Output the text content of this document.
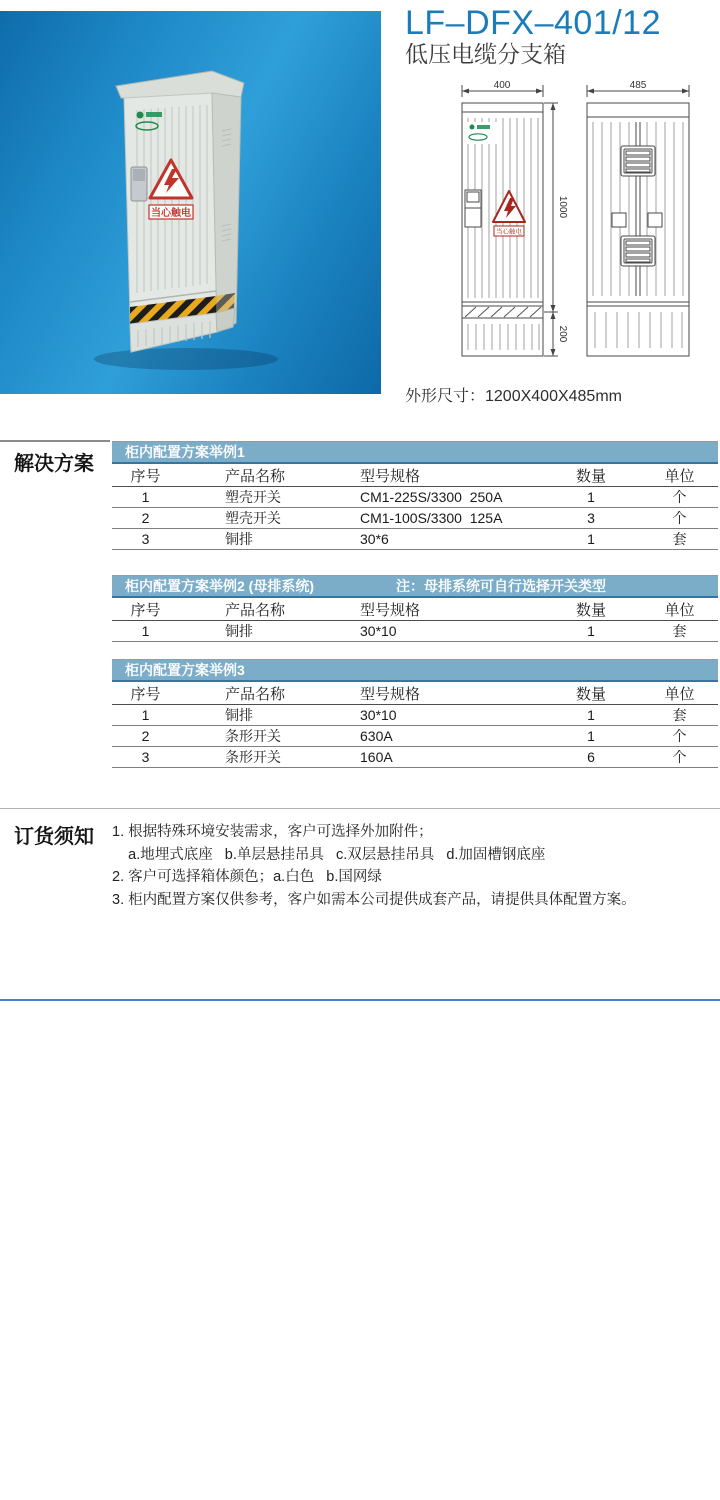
当心触电
LF–DFX–401/12
低压电缆分支箱
400
当心触电
1000
200
485
外形尺寸：1200X400X485mm
解决方案
柜内配置方案举例1
序号	产品名称	型号规格	数量	单位
1	塑壳开关	CM1-225S/3300  250A	1	个
2	塑壳开关	CM1-100S/3300  125A	3	个
3	铜排	30*6	1	套
柜内配置方案举例2 (母排系统)	注：母排系统可自行选择开关类型
序号	产品名称	型号规格	数量	单位
1	铜排	30*10	1	套
柜内配置方案举例3
序号	产品名称	型号规格	数量	单位
1	铜排	30*10	1	套
2	条形开关	630A	1	个
3	条形开关	160A	6	个
订货须知 1. 根据特殊环境安装需求，客户可选择外加附件；
a.地埋式底座   b.单层悬挂吊具   c.双层悬挂吊具   d.加固槽钢底座
2. 客户可选择箱体颜色；a.白色   b.国网绿
3. 柜内配置方案仅供参考，客户如需本公司提供成套产品，请提供具体配置方案。
